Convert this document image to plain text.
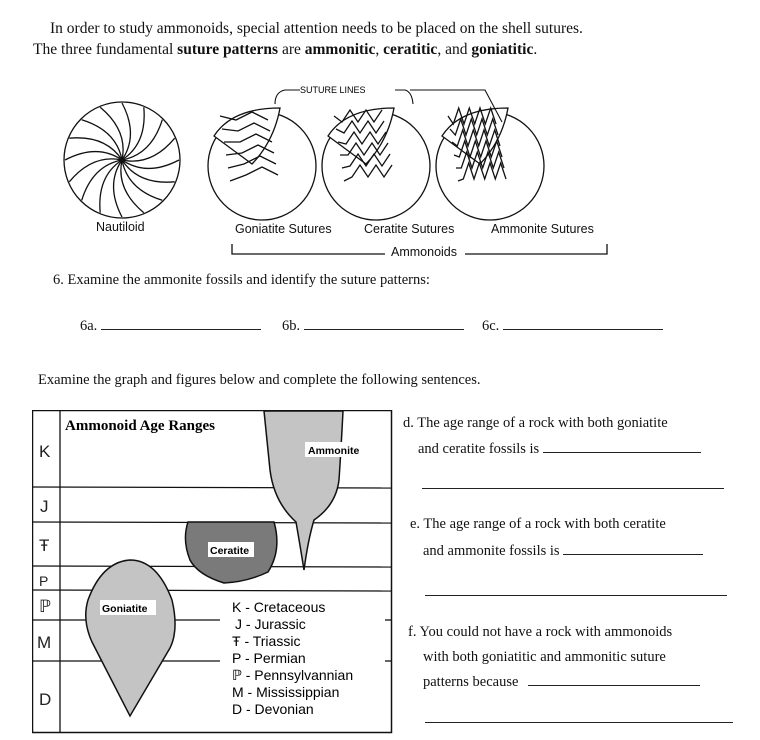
In order to study ammonoids, special attention needs to be placed on the shell sutures.
The three fundamental suture patterns are ammonitic, ceratitic, and goniatitic.
SUTURE LINES
Nautiloid	Goniatite Sutures	Ceratite Sutures	Ammonite Sutures
Ammonoids
6. Examine the ammonite fossils and identify the suture patterns:
6a.	6b.	6c.
Examine the graph and figures below and complete the following sentences.
Ammonite
Ceratite
Goniatite
Ammonoid Age Ranges
K
J
Ŧ
P
ℙ
M
D
K - Cretaceous
J - Jurassic
Ŧ - Triassic
P - Permian
ℙ - Pennsylvannian
M - Mississippian
D - Devonian
d. The age range of a rock with both goniatite
and ceratite fossils is
e. The age range of a rock with both ceratite
and ammonite fossils is
f. You could not have a rock with ammonoids
with both goniatitic and ammonitic suture
patterns because
